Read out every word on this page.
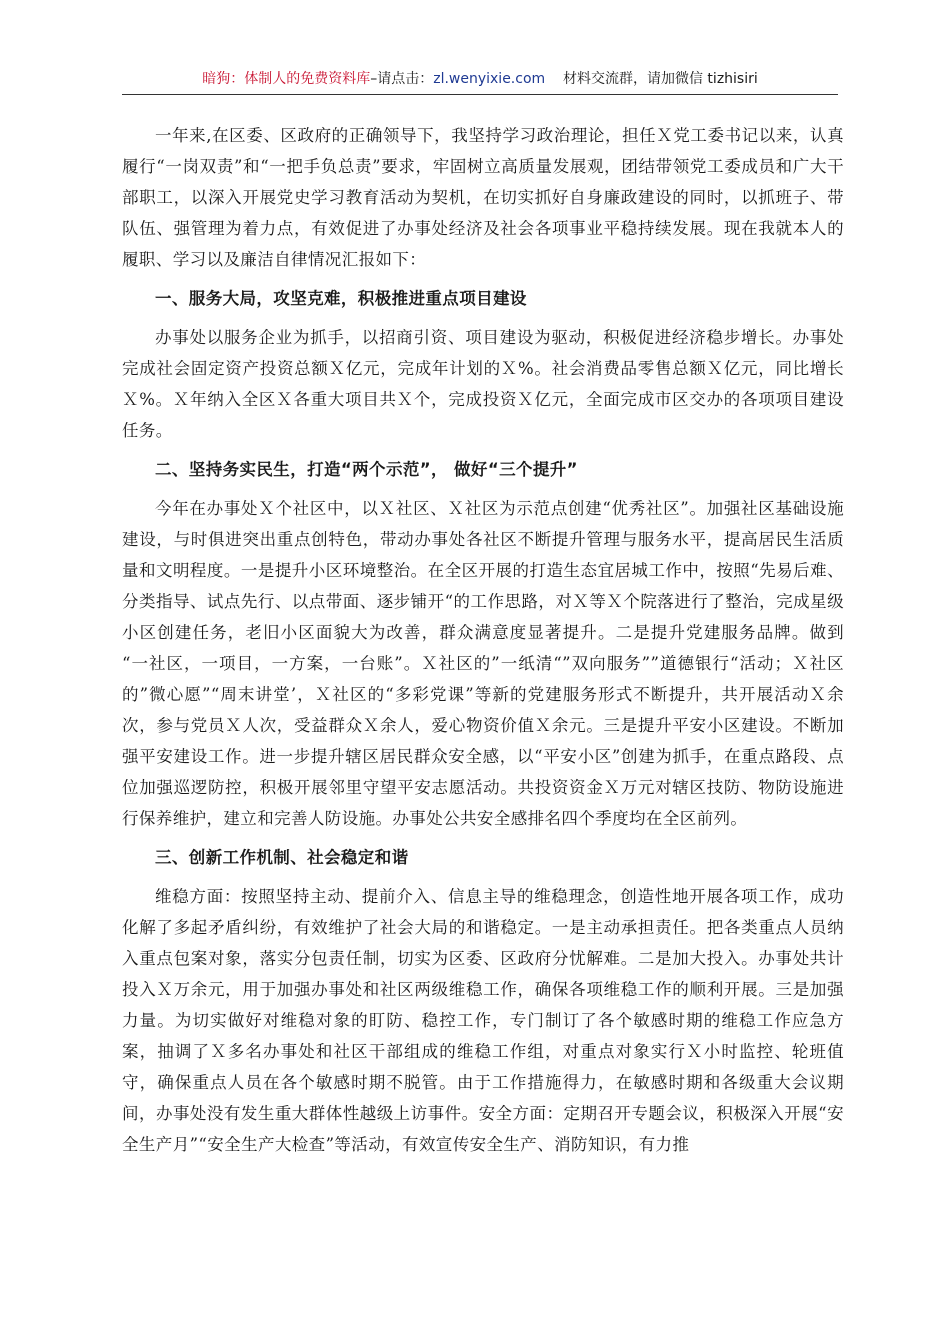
暗狗：体制人的免费资料库–请点击：zl.wenyixie.com 材料交流群，请加微信 tizhisiri

一年来,在区委、区政府的正确领导下，我坚持学习政治理论，担任Ｘ党工委书记以来，认真履行“一岗双责”和“一把手负总责”要求，牢固树立高质量发展观，团结带领党工委成员和广大干部职工，以深入开展党史学习教育活动为契机，在切实抓好自身廉政建设的同时，以抓班子、带队伍、强管理为着力点，有效促进了办事处经济及社会各项事业平稳持续发展。现在我就本人的履职、学习以及廉洁自律情况汇报如下：

一、服务大局，攻坚克难，积极推进重点项目建设

办事处以服务企业为抓手，以招商引资、项目建设为驱动，积极促进经济稳步增长。办事处完成社会固定资产投资总额Ｘ亿元，完成年计划的Ｘ%。社会消费品零售总额Ｘ亿元，同比增长Ｘ%。Ｘ年纳入全区Ｘ各重大项目共Ｘ个，完成投资Ｘ亿元，全面完成市区交办的各项项目建设任务。

二、坚持务实民生，打造“两个示范”， 做好“三个提升”

今年在办事处Ｘ个社区中，以Ｘ社区、Ｘ社区为示范点创建“优秀社区”。加强社区基础设施建设，与时俱进突出重点创特色，带动办事处各社区不断提升管理与服务水平，提高居民生活质量和文明程度。一是提升小区环境整治。在全区开展的打造生态宜居城工作中，按照“先易后难、分类指导、试点先行、以点带面、逐步铺开“的工作思路，对Ｘ等Ｘ个院落进行了整治，完成星级小区创建任务，老旧小区面貌大为改善，群众满意度显著提升。二是提升党建服务品牌。做到 “一社区，一项目，一方案，一台账”。Ｘ社区的”一纸清“”双向服务””道德银行“活动；Ｘ社区的”微心愿”“周末讲堂’，Ｘ社区的“多彩党课”等新的党建服务形式不断提升，共开展活动Ｘ余次，参与党员Ｘ人次，受益群众Ｘ余人，爱心物资价值Ｘ余元。三是提升平安小区建设。不断加强平安建设工作。进一步提升辖区居民群众安全感，以“平安小区”创建为抓手，在重点路段、点位加强巡逻防控，积极开展邻里守望平安志愿活动。共投资资金Ｘ万元对辖区技防、物防设施进行保养维护，建立和完善人防设施。办事处公共安全感排名四个季度均在全区前列。

三、创新工作机制、社会稳定和谐

维稳方面：按照坚持主动、提前介入、信息主导的维稳理念，创造性地开展各项工作，成功化解了多起矛盾纠纷，有效维护了社会大局的和谐稳定。一是主动承担责任。把各类重点人员纳入重点包案对象，落实分包责任制，切实为区委、区政府分忧解难。二是加大投入。办事处共计投入Ｘ万余元，用于加强办事处和社区两级维稳工作，确保各项维稳工作的顺利开展。三是加强力量。为切实做好对维稳对象的盯防、稳控工作，专门制订了各个敏感时期的维稳工作应急方案，抽调了Ｘ多名办事处和社区干部组成的维稳工作组，对重点对象实行Ｘ小时监控、轮班值守，确保重点人员在各个敏感时期不脱管。由于工作措施得力，在敏感时期和各级重大会议期间，办事处没有发生重大群体性越级上访事件。安全方面：定期召开专题会议，积极深入开展“安全生产月”“安全生产大检查”等活动，有效宣传安全生产、消防知识，有力推
